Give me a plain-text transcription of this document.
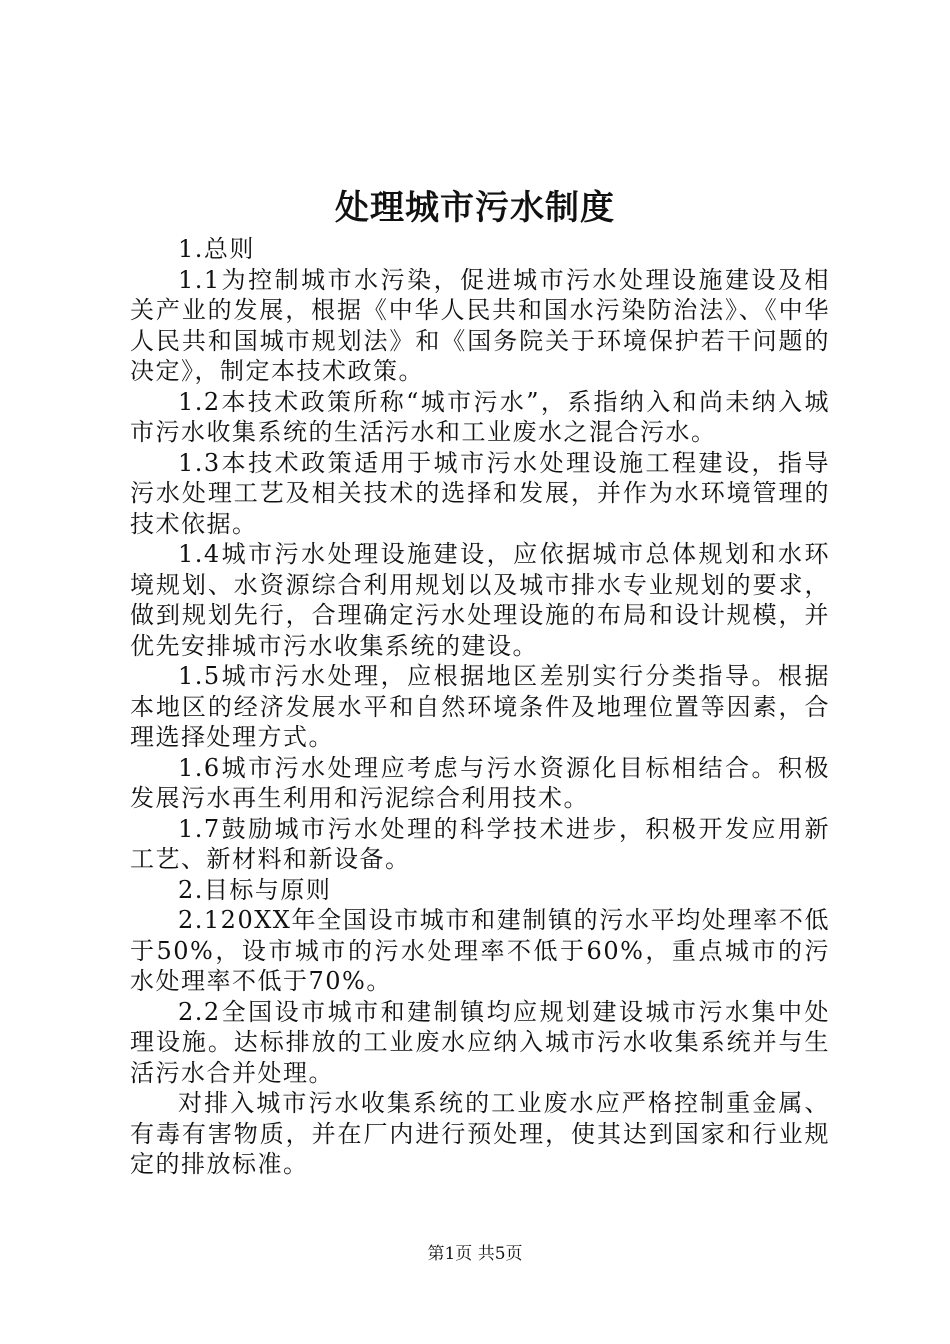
处理城市污水制度

1.总则

1.1为控制城市水污染，促进城市污水处理设施建设及相关产业的发展，根据《中华人民共和国水污染防治法》、《中华人民共和国城市规划法》和《国务院关于环境保护若干问题的决定》，制定本技术政策。

1.2本技术政策所称“城市污水”，系指纳入和尚未纳入城市污水收集系统的生活污水和工业废水之混合污水。

1.3本技术政策适用于城市污水处理设施工程建设，指导污水处理工艺及相关技术的选择和发展，并作为水环境管理的技术依据。

1.4城市污水处理设施建设，应依据城市总体规划和水环境规划、水资源综合利用规划以及城市排水专业规划的要求，做到规划先行，合理确定污水处理设施的布局和设计规模，并优先安排城市污水收集系统的建设。

1.5城市污水处理，应根据地区差别实行分类指导。根据本地区的经济发展水平和自然环境条件及地理位置等因素，合理选择处理方式。

1.6城市污水处理应考虑与污水资源化目标相结合。积极发展污水再生利用和污泥综合利用技术。

1.7鼓励城市污水处理的科学技术进步，积极开发应用新工艺、新材料和新设备。

2.目标与原则

2.120XX年全国设市城市和建制镇的污水平均处理率不低于50%，设市城市的污水处理率不低于60%，重点城市的污水处理率不低于70%。

2.2全国设市城市和建制镇均应规划建设城市污水集中处理设施。达标排放的工业废水应纳入城市污水收集系统并与生活污水合并处理。

对排入城市污水收集系统的工业废水应严格控制重金属、有毒有害物质，并在厂内进行预处理，使其达到国家和行业规定的排放标准。

第1页 共5页
